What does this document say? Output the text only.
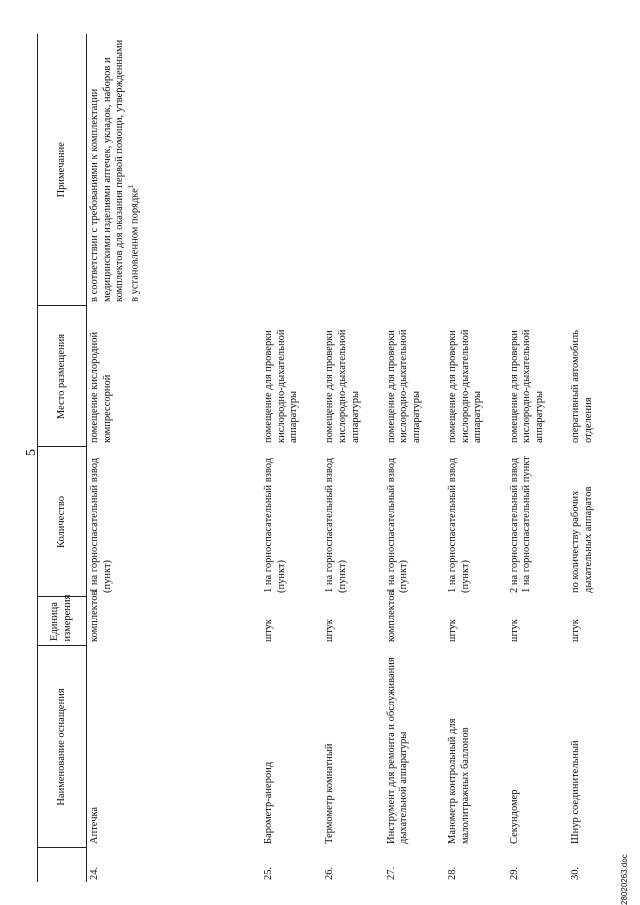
5
	Наименование оснащения	Единица измерения	Количество	Место размещения	Примечание
24.	Аптечка	комплектов	1 на горноспасательный взвод (пункт)	помещение кислородной компрессорной	в соответствии с требованиями к комплектации медицинскими изделиями аптечек, укладок, наборов и комплектов для оказания первой помощи, утвержденными в установленном порядке$^1$
25.	Барометр-анероид	штук	1 на горноспасательный взвод (пункт)	помещение для проверки кислородно-дыхательной аппаратуры	
26.	Термометр комнатный	штук	1 на горноспасательный взвод (пункт)	помещение для проверки кислородно-дыхательной аппаратуры	
27.	Инструмент для ремонта и обслуживания дыхательной аппаратуры	комплектов	1 на горноспасательный взвод (пункт)	помещение для проверки кислородно-дыхательной аппаратуры	
28.	Манометр контрольный для малолитражных баллонов	штук	1 на горноспасательный взвод (пункт)	помещение для проверки кислородно-дыхательной аппаратуры	
29.	Секундомер	штук	2 на горноспасательный взвод 1 на горноспасательный пункт	помещение для проверки кислородно-дыхательной аппаратуры	
30.	Шнур соединительный	штук	по количеству рабочих дыхательных аппаратов	оперативный автомобиль отделения	
28020263.doc
